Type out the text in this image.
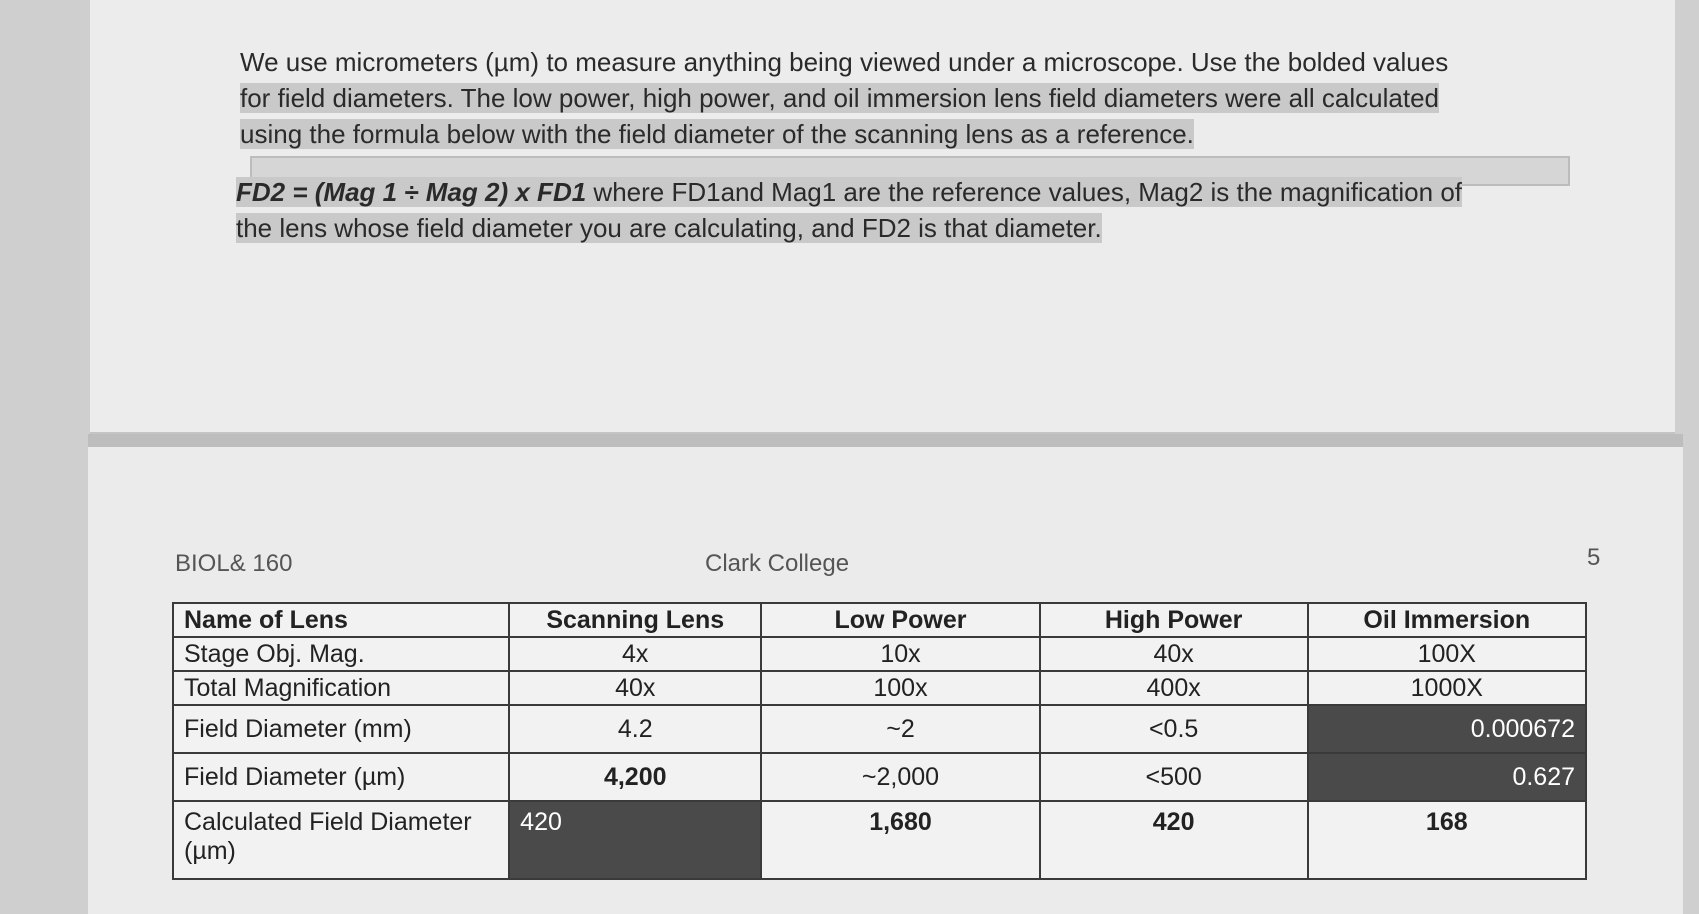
We use micrometers (µm) to measure anything being viewed under a microscope. Use the bolded values
for field diameters. The low power, high power, and oil immersion lens field diameters were all calculated
using the formula below with the field diameter of the scanning lens as a reference.
FD2 = (Mag 1 ÷ Mag 2) x FD1 where FD1and Mag1 are the reference values, Mag2 is the magnification of
the lens whose field diameter you are calculating, and FD2 is that diameter.
BIOL& 160	Clark College	5
Name of Lens	Scanning Lens	Low Power	High Power	Oil Immersion
Stage Obj. Mag.	4x	10x	40x	100X
Total Magnification	40x	100x	400x	1000X
Field Diameter (mm)	4.2	~2	<0.5	0.000672
Field Diameter (µm)	4,200	~2,000	<500	0.627
Calculated Field Diameter (µm)	420	1,680	420	168
